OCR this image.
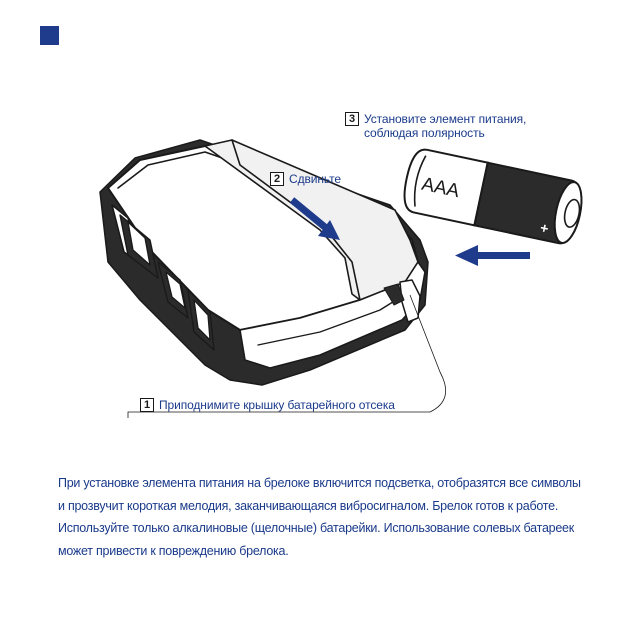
AAA
+
3 Установите элемент питания,
соблюдая полярность
2 Сдвиньте
1 Приподнимите крышку батарейного отсека

При установке элемента питания на брелоке включится подсветка, отобразятся все символы

и прозвучит короткая мелодия, заканчивающаяся вибросигналом. Брелок готов к работе.

Используйте только алкалиновые (щелочные) батарейки. Использование солевых батареек

может привести к повреждению брелока.
